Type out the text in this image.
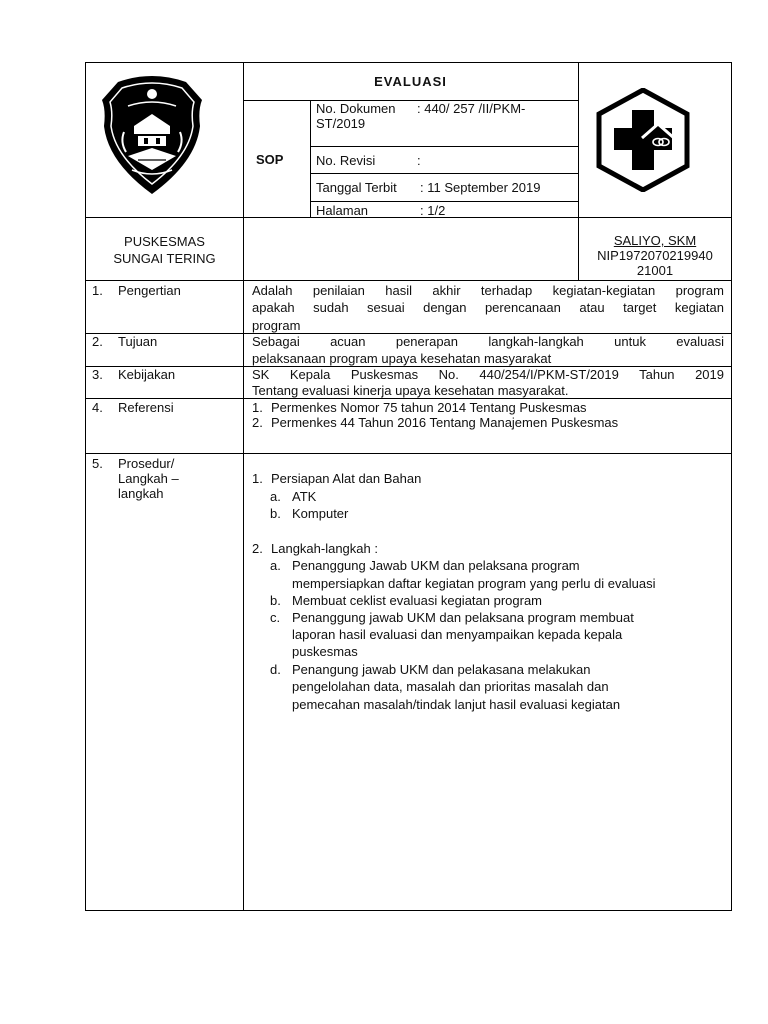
EVALUASI
SOP
No. Dokumen : 440/ 257 /II/PKM-
ST/2019
No. Revisi	:
Tanggal Terbit : 11 September 2019
Halaman	: 1/2
PUSKESMAS
SUNGAI TERING
SALIYO, SKM
NIP1972070219940
21001
1. Pengertian	Adalah penilaian hasil akhir terhadap kegiatan-kegiatan program
apakah sudah sesuai dengan perencanaan atau target kegiatan
program
2. Tujuan	Sebagai acuan penerapan langkah-langkah untuk evaluasi
pelaksanaan program upaya kesehatan masyarakat
3. Kebijakan	SK Kepala Puskesmas No. 440/254/I/PKM-ST/2019 Tahun 2019
Tentang evaluasi kinerja upaya kesehatan masyarakat.
4. Referensi	1. Permenkes Nomor 75 tahun 2014 Tentang Puskesmas
2. Permenkes 44 Tahun 2016 Tentang Manajemen Puskesmas
5. Prosedur/
Langkah –
langkah
1. Persiapan Alat dan Bahan
a. ATK
b. Komputer
2. Langkah-langkah :
a. Penanggung Jawab UKM dan pelaksana program
mempersiapkan daftar kegiatan program yang perlu di evaluasi
b. Membuat ceklist evaluasi kegiatan program
c. Penanggung jawab UKM dan pelaksana program membuat
laporan hasil evaluasi dan menyampaikan kepada kepala
puskesmas
d. Penangung jawab UKM dan pelakasana melakukan
pengelolahan data, masalah dan prioritas masalah dan
pemecahan masalah/tindak lanjut hasil evaluasi kegiatan
